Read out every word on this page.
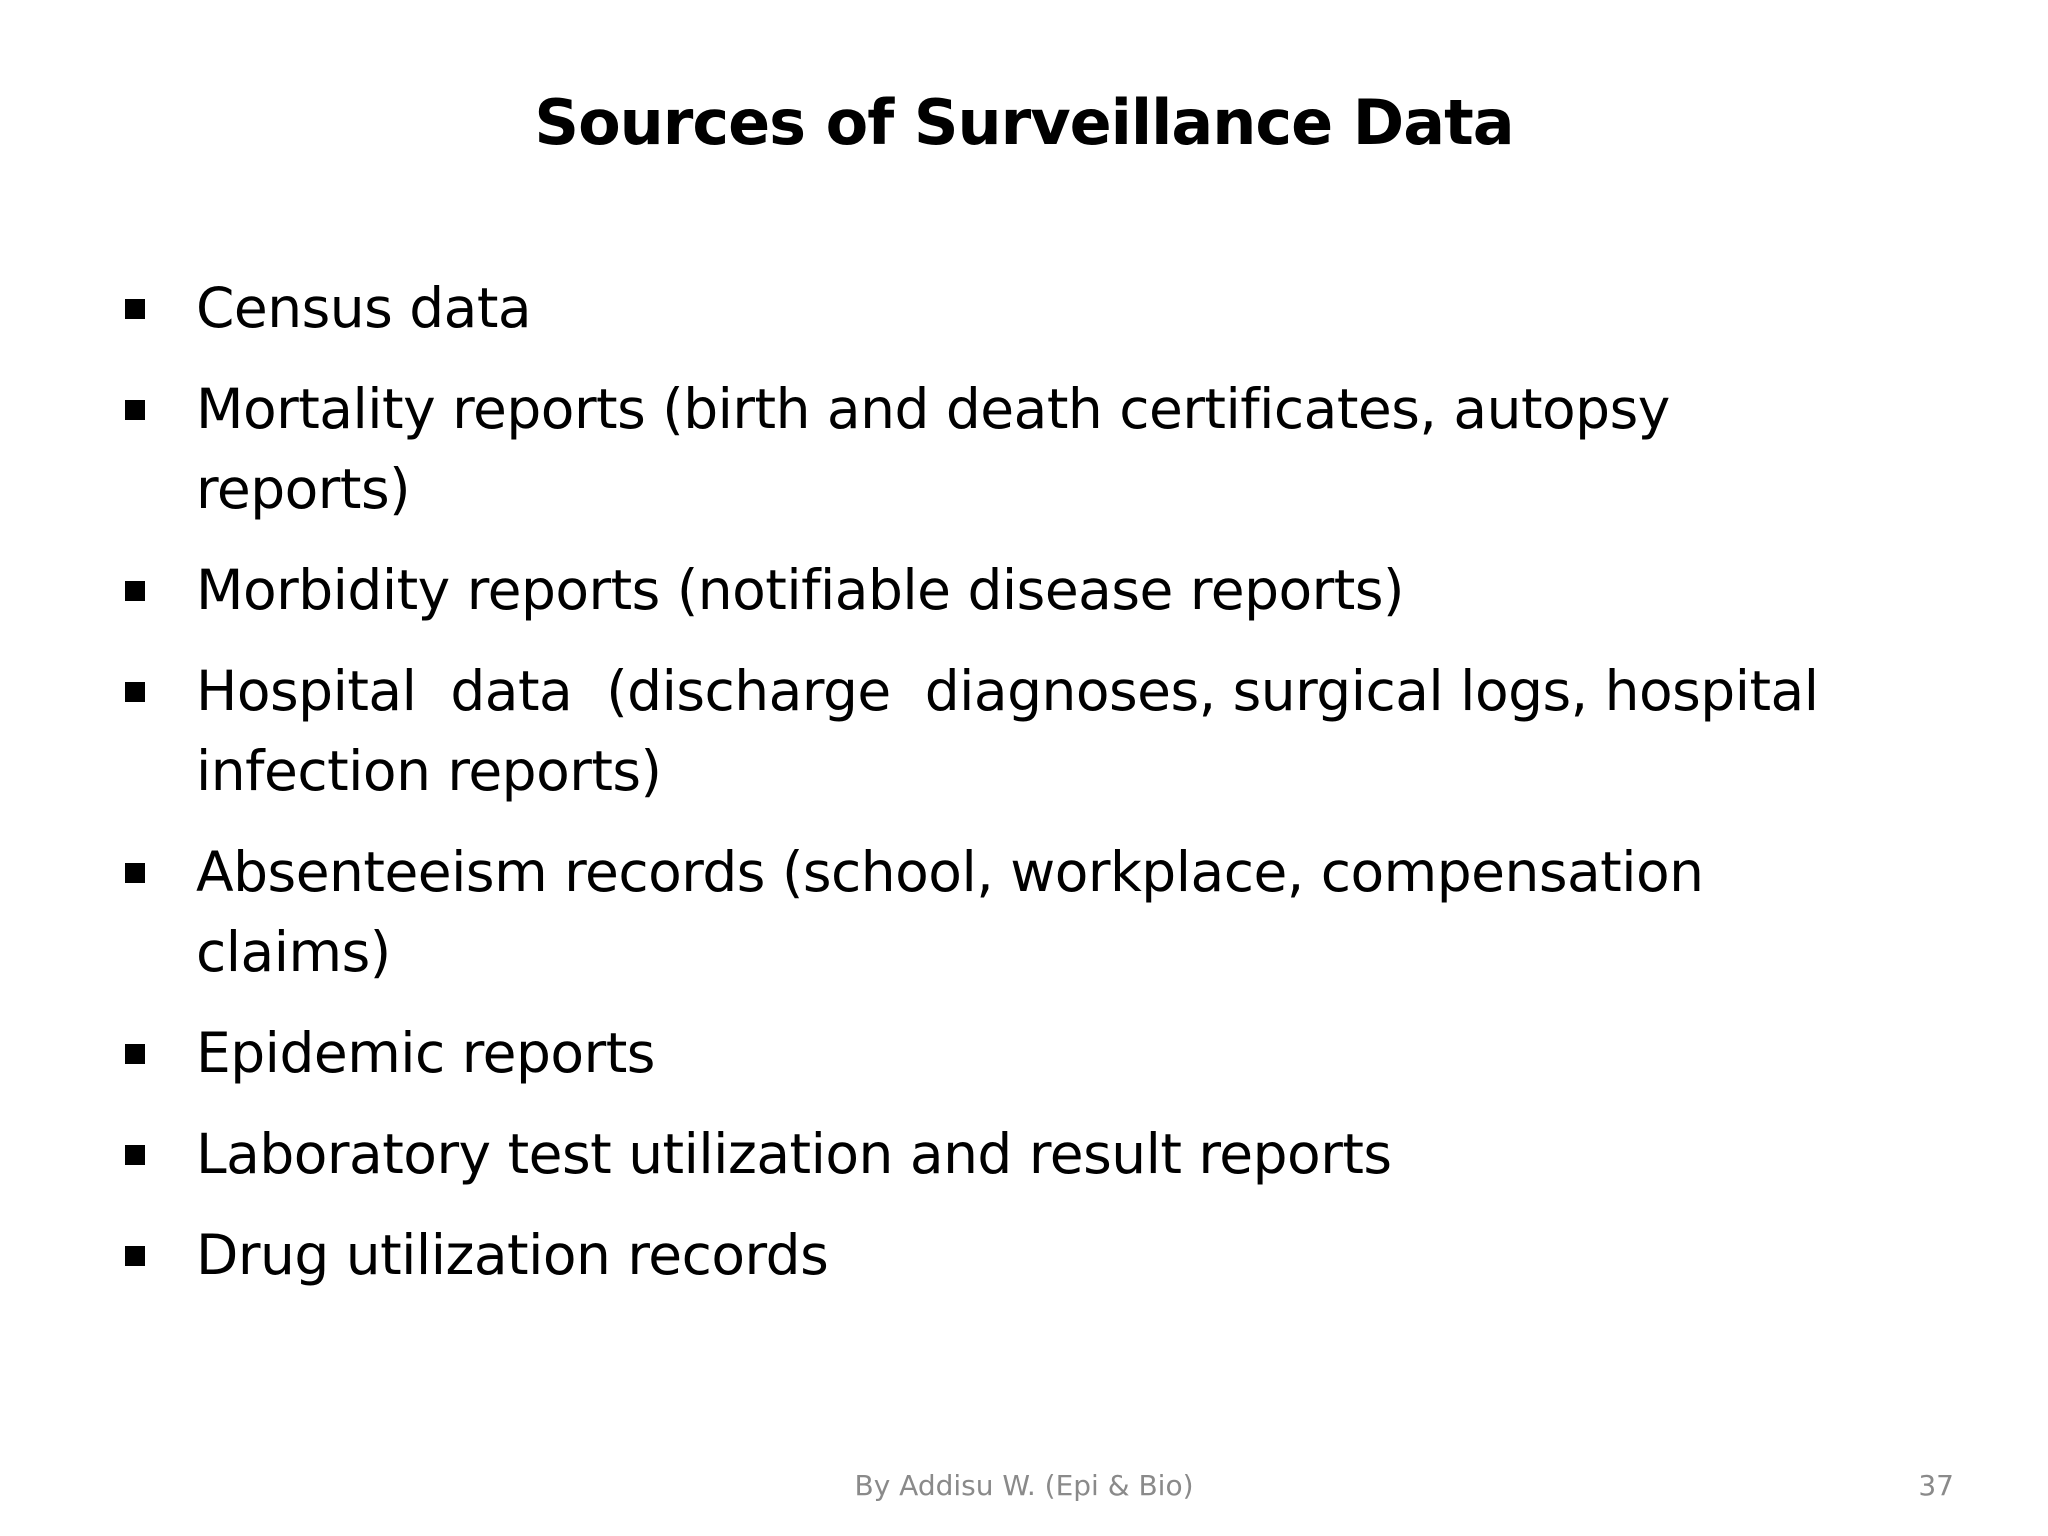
Sources of Surveillance Data
Census data
Mortality reports (birth and death certificates, autopsy
reports)
Morbidity reports (notifiable disease reports)
Hospital  data  (discharge  diagnoses, surgical logs, hospital
infection reports)
Absenteeism records (school, workplace, compensation
claims)
Epidemic reports
Laboratory test utilization and result reports
Drug utilization records
By Addisu W. (Epi & Bio)	37
